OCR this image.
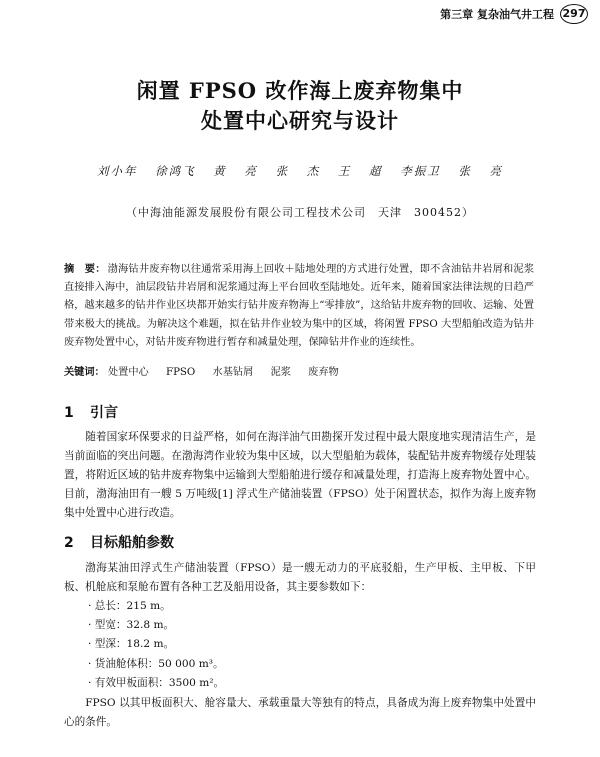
第三章 复杂油气井工程 297
闲置 FPSO 改作海上废弃物集中
处置中心研究与设计
刘小年 徐鸿飞 黄 亮 张 杰 王 超 李振卫 张 亮
（中海油能源发展股份有限公司工程技术公司　天津　300452）
摘　要： 渤海钻井废弃物以往通常采用海上回收＋陆地处理的方式进行处置，即不含油钻井岩屑和泥浆直接排入海中，油层段钻井岩屑和泥浆通过海上平台回收至陆地处。近年来，随着国家法律法规的日趋严格，越来越多的钻井作业区块都开始实行钻井废弃物海上“零排放”，这给钻井废弃物的回收、运输、处置带来极大的挑战。为解决这个难题，拟在钻井作业较为集中的区域，将闲置 FPSO 大型船舶改造为钻井废弃物处置中心，对钻井废弃物进行暂存和减量处理，保障钻井作业的连续性。
关键词： 处置中心 FPSO 水基钻屑 泥浆 废弃物
1 引言
随着国家环保要求的日益严格，如何在海洋油气田勘探开发过程中最大限度地实现清洁生产，是当前面临的突出问题。在渤海湾作业较为集中区域，以大型船舶为载体，装配钻井废弃物缓存处理装置，将附近区域的钻井废弃物集中运输到大型船舶进行缓存和减量处理，打造海上废弃物处置中心。目前，渤海油田有一艘 5 万吨级[1] 浮式生产储油装置（FPSO）处于闲置状态，拟作为海上废弃物集中处置中心进行改造。
2 目标船舶参数
渤海某油田浮式生产储油装置（FPSO）是一艘无动力的平底驳船，生产甲板、主甲板、下甲板、机舱底和泵舱布置有各种工艺及船用设备，其主要参数如下：
· 总长：215 m。
· 型宽：32.8 m。
· 型深：18.2 m。
· 货油舱体积：50 000 m³。
· 有效甲板面积：3500 m²。
FPSO 以其甲板面积大、舱容量大、承载重量大等独有的特点，具备成为海上废弃物集中处置中心的条件。
